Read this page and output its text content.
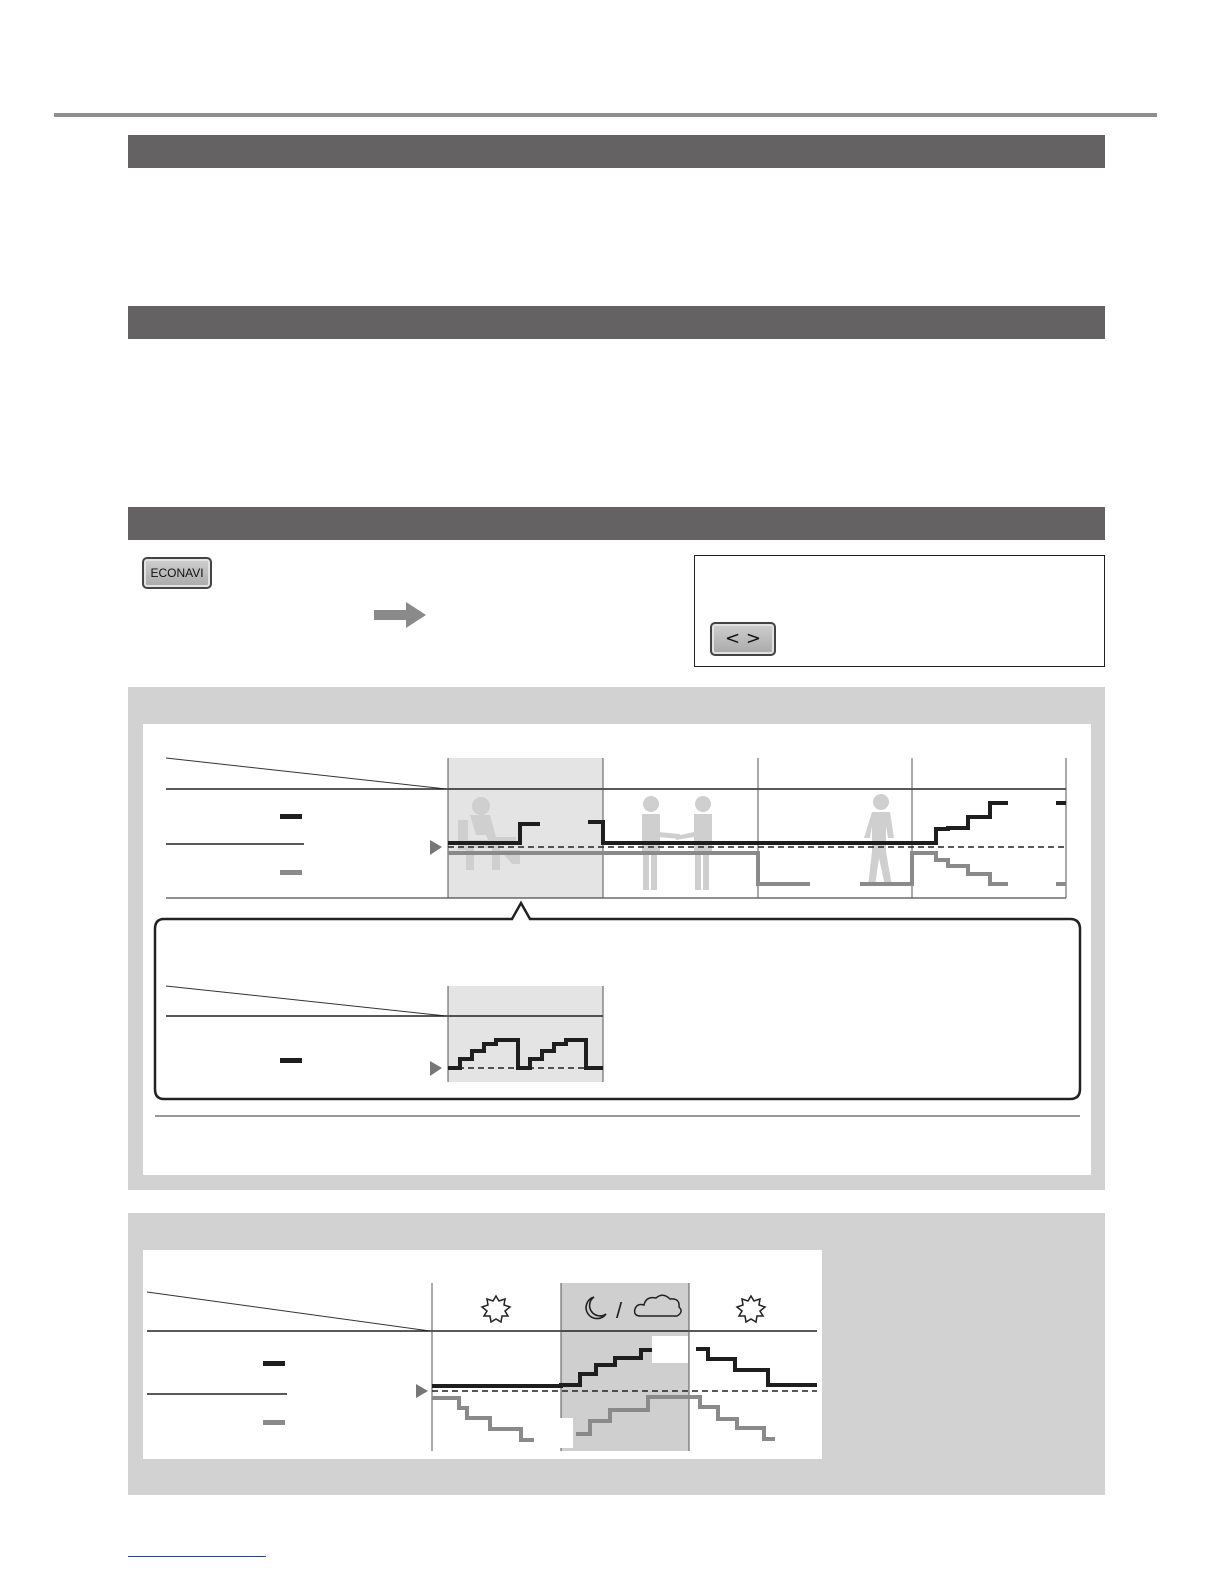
ECONAVI
< >
/
